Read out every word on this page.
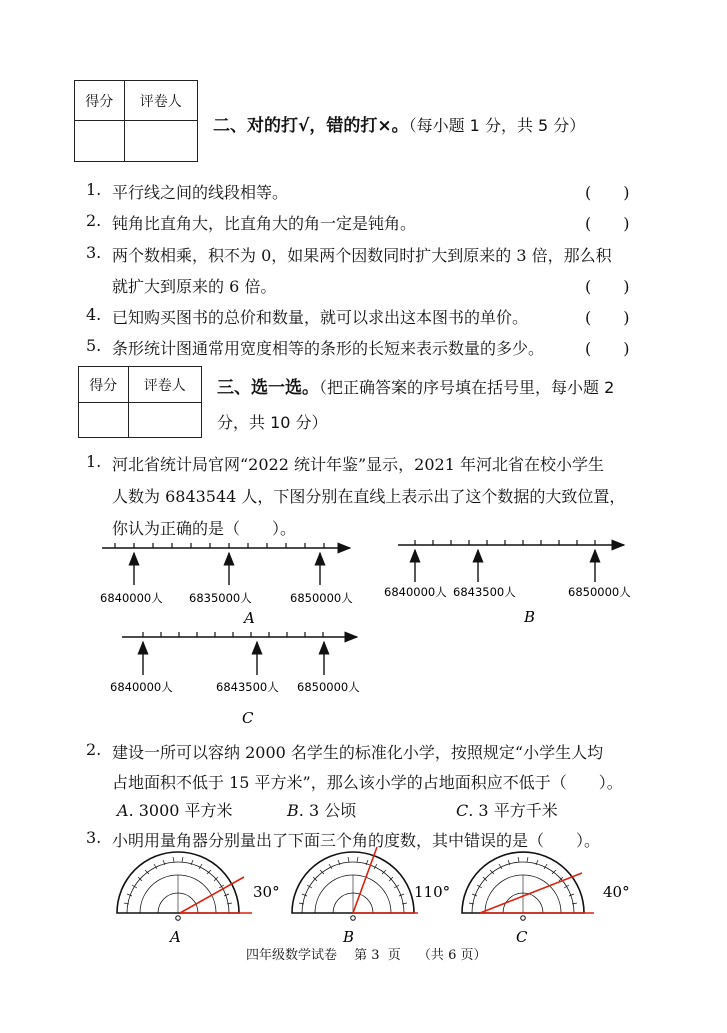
得分	评卷人

二、对的打√，错的打×。（每小题 1 分，共 5 分）
1. 平行线之间的线段相等。	(　　)
2. 钝角比直角大，比直角大的角一定是钝角。	(　　)
3. 两个数相乘，积不为 0，如果两个因数同时扩大到原来的 3 倍，那么积
就扩大到原来的 6 倍。	(　　)
4. 已知购买图书的总价和数量，就可以求出这本图书的单价。	(　　)
5. 条形统计图通常用宽度相等的条形的长短来表示数量的多少。	(　　)
得分	评卷人
	三、选一选。（把正确答案的序号填在括号里，每小题 2
分，共 10 分）
1. 河北省统计局官网“2022 统计年鉴”显示，2021 年河北省在校小学生
人数为 6843544 人，下图分别在直线上表示出了这个数据的大致位置，
你认为正确的是（　　）。
6840000人 6835000人	6850000人
A
6840000人 6843500人	6850000人
B
6840000人	6843500人 6850000人
C
2. 建设一所可以容纳 2000 名学生的标准化小学，按照规定“小学生人均
占地面积不低于 15 平方米”，那么该小学的占地面积应不低于（　　）。
A. 3000 平方米	B. 3 公顷	C. 3 平方千米
3. 小明用量角器分别量出了下面三个角的度数，其中错误的是（　　）。
30°
A
110°
B
40°
C
四年级数学试卷　 第 3  页　 （共 6 页）
